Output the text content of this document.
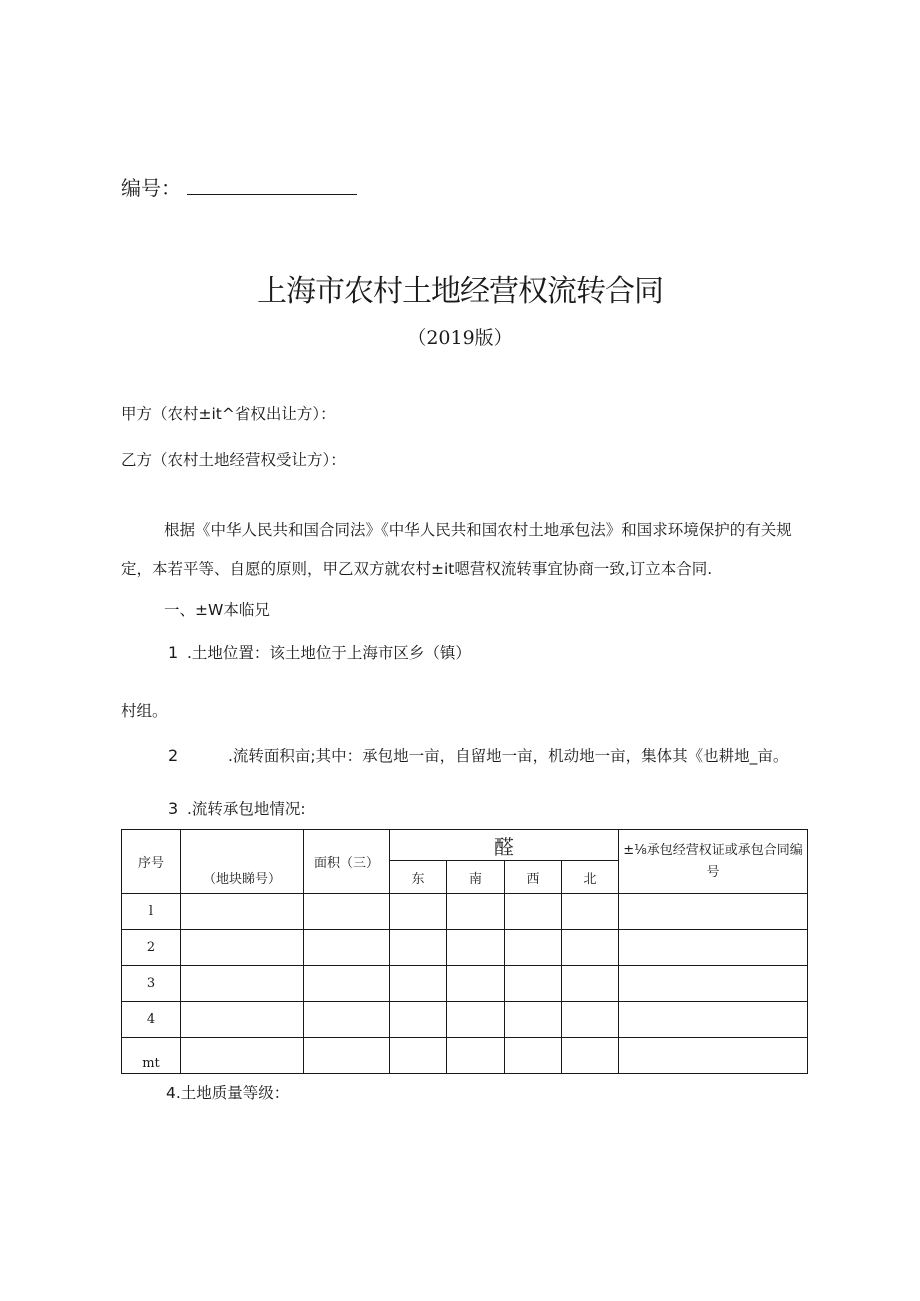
编号：
上海市农村土地经营权流转合同
（2019版）
甲方（农村±it^省权出让方）：
乙方（农村土地经营权受让方）：
根据《中华人民共和国合同法》《中华人民共和国农村土地承包法》和国求环境保护的有关规
定，本若平等、自愿的原则，甲乙双方就农村±it嗯营权流转事宜协商一致,订立本合同.
一、±W本临兄
1 .土地位置：该土地位于上海市区乡（镇）
村组。
2	.流转面积亩;其中：承包地一亩，自留地一亩，机动地一亩，集体其《也耕地_亩。
3 .流转承包地情况:
序号	（地块睇号）	面积（三）	醛				±⅛承包经营权证或承包合同编
号

			东	南	西	北	
l							
2							
3							
4							
mt							
4.土地质量等级：
